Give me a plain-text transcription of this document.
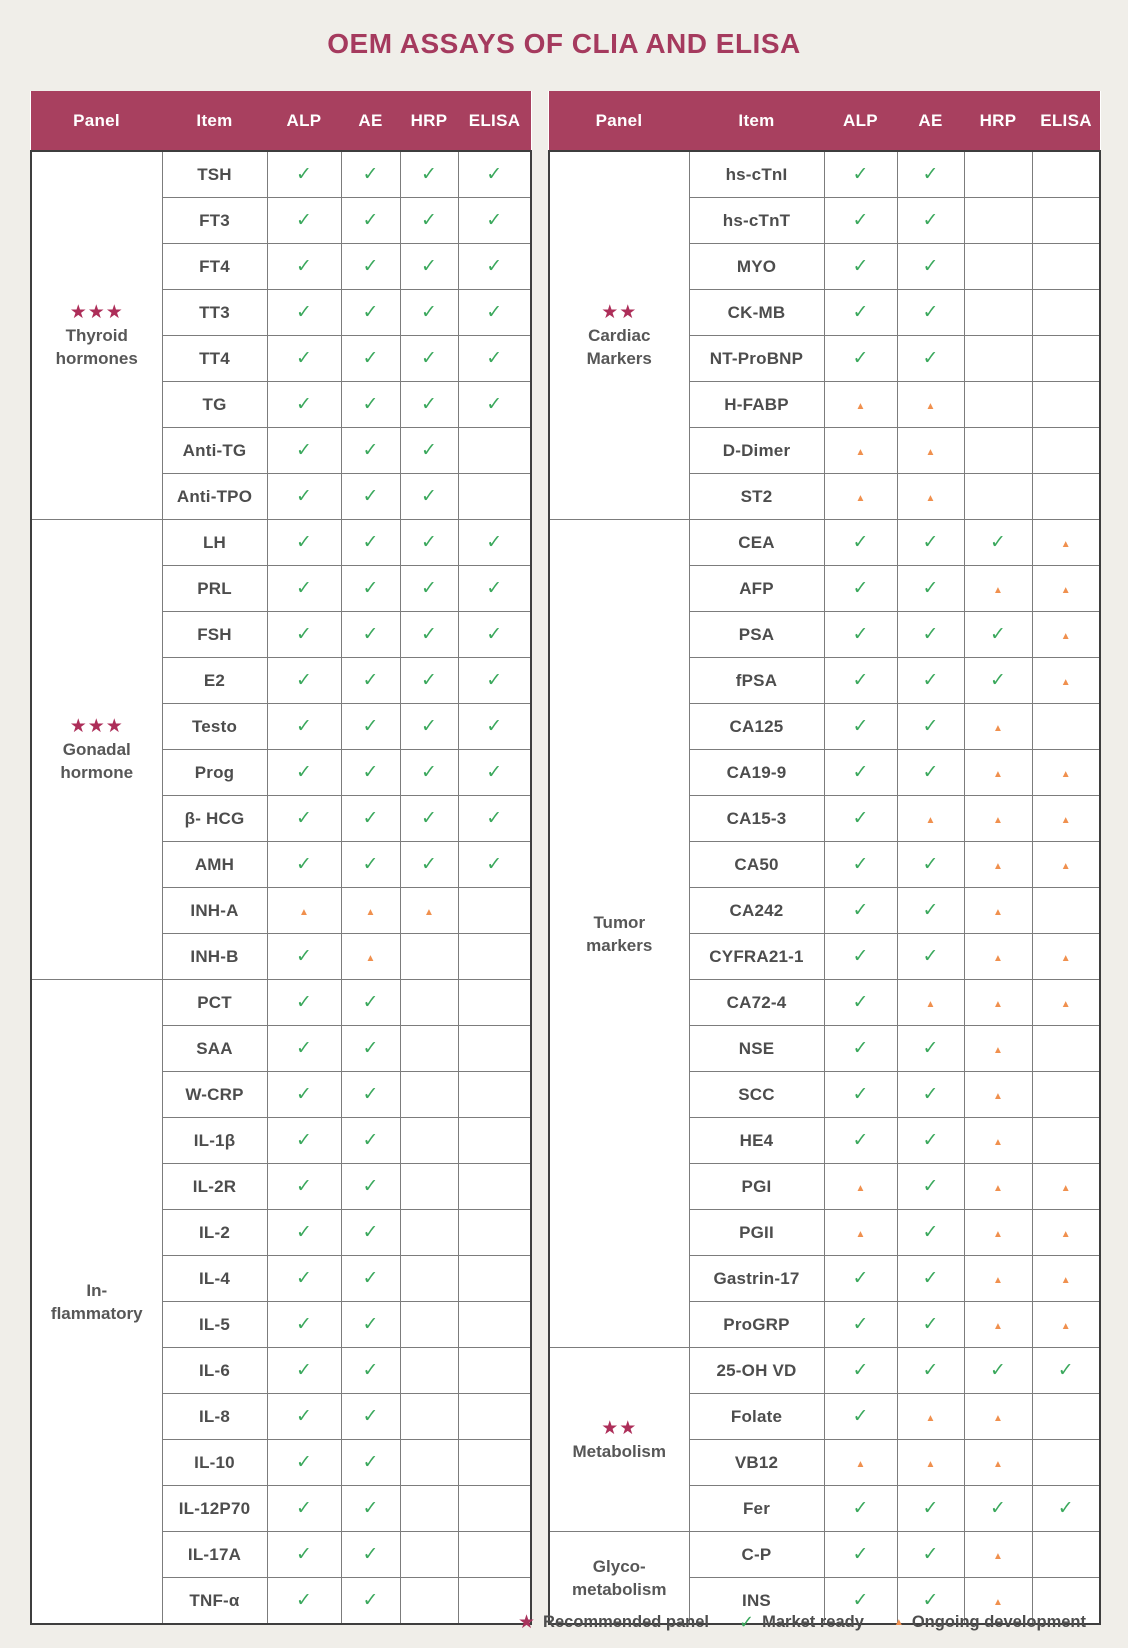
OEM ASSAYS OF CLIA AND ELISA
Panel	Item	ALP	AE	HRP	ELISA

★★★
Thyroid
hormones	TSH	✓	✓	✓	✓
	FT3	✓	✓	✓	✓
	FT4	✓	✓	✓	✓
	TT3	✓	✓	✓	✓
	TT4	✓	✓	✓	✓
	TG	✓	✓	✓	✓
	Anti-TG	✓	✓	✓	
	Anti-TPO	✓	✓	✓	

★★★
Gonadal
hormone	LH	✓	✓	✓	✓
	PRL	✓	✓	✓	✓
	FSH	✓	✓	✓	✓
	E2	✓	✓	✓	✓
	Testo	✓	✓	✓	✓
	Prog	✓	✓	✓	✓
	β- HCG	✓	✓	✓	✓
	AMH	✓	✓	✓	✓
	INH-A	▲	▲	▲	
	INH-B	✓	▲		

In-
flammatory	PCT	✓	✓		
	SAA	✓	✓		
	W-CRP	✓	✓		
	IL-1β	✓	✓		
	IL-2R	✓	✓		
	IL-2	✓	✓		
	IL-4	✓	✓		
	IL-5	✓	✓		
	IL-6	✓	✓		
	IL-8	✓	✓		
	IL-10	✓	✓		
	IL-12P70	✓	✓		
	IL-17A	✓	✓		
	TNF-α	✓	✓		
Panel	Item	ALP	AE	HRP	ELISA

★★
Cardiac
Markers	hs-cTnI	✓	✓		
	hs-cTnT	✓	✓		
	MYO	✓	✓		
	CK-MB	✓	✓		
	NT-ProBNP	✓	✓		
	H-FABP	▲	▲		
	D-Dimer	▲	▲		
	ST2	▲	▲		

Tumor
markers	CEA	✓	✓	✓	▲
	AFP	✓	✓	▲	▲
	PSA	✓	✓	✓	▲
	fPSA	✓	✓	✓	▲
	CA125	✓	✓	▲	
	CA19-9	✓	✓	▲	▲
	CA15-3	✓	▲	▲	▲
	CA50	✓	✓	▲	▲
	CA242	✓	✓	▲	
	CYFRA21-1	✓	✓	▲	▲
	CA72-4	✓	▲	▲	▲
	NSE	✓	✓	▲	
	SCC	✓	✓	▲	
	HE4	✓	✓	▲	
	PGI	▲	✓	▲	▲
	PGII	▲	✓	▲	▲
	Gastrin-17	✓	✓	▲	▲
	ProGRP	✓	✓	▲	▲

★★
Metabolism	25-OH VD	✓	✓	✓	✓
	Folate	✓	▲	▲	
	VB12	▲	▲	▲	
	Fer	✓	✓	✓	✓

Glyco-
metabolism	C-P	✓	✓	▲	
	INS	✓	✓	▲	
★ Recommended panel ✓ Market ready	▲ Ongoing development
